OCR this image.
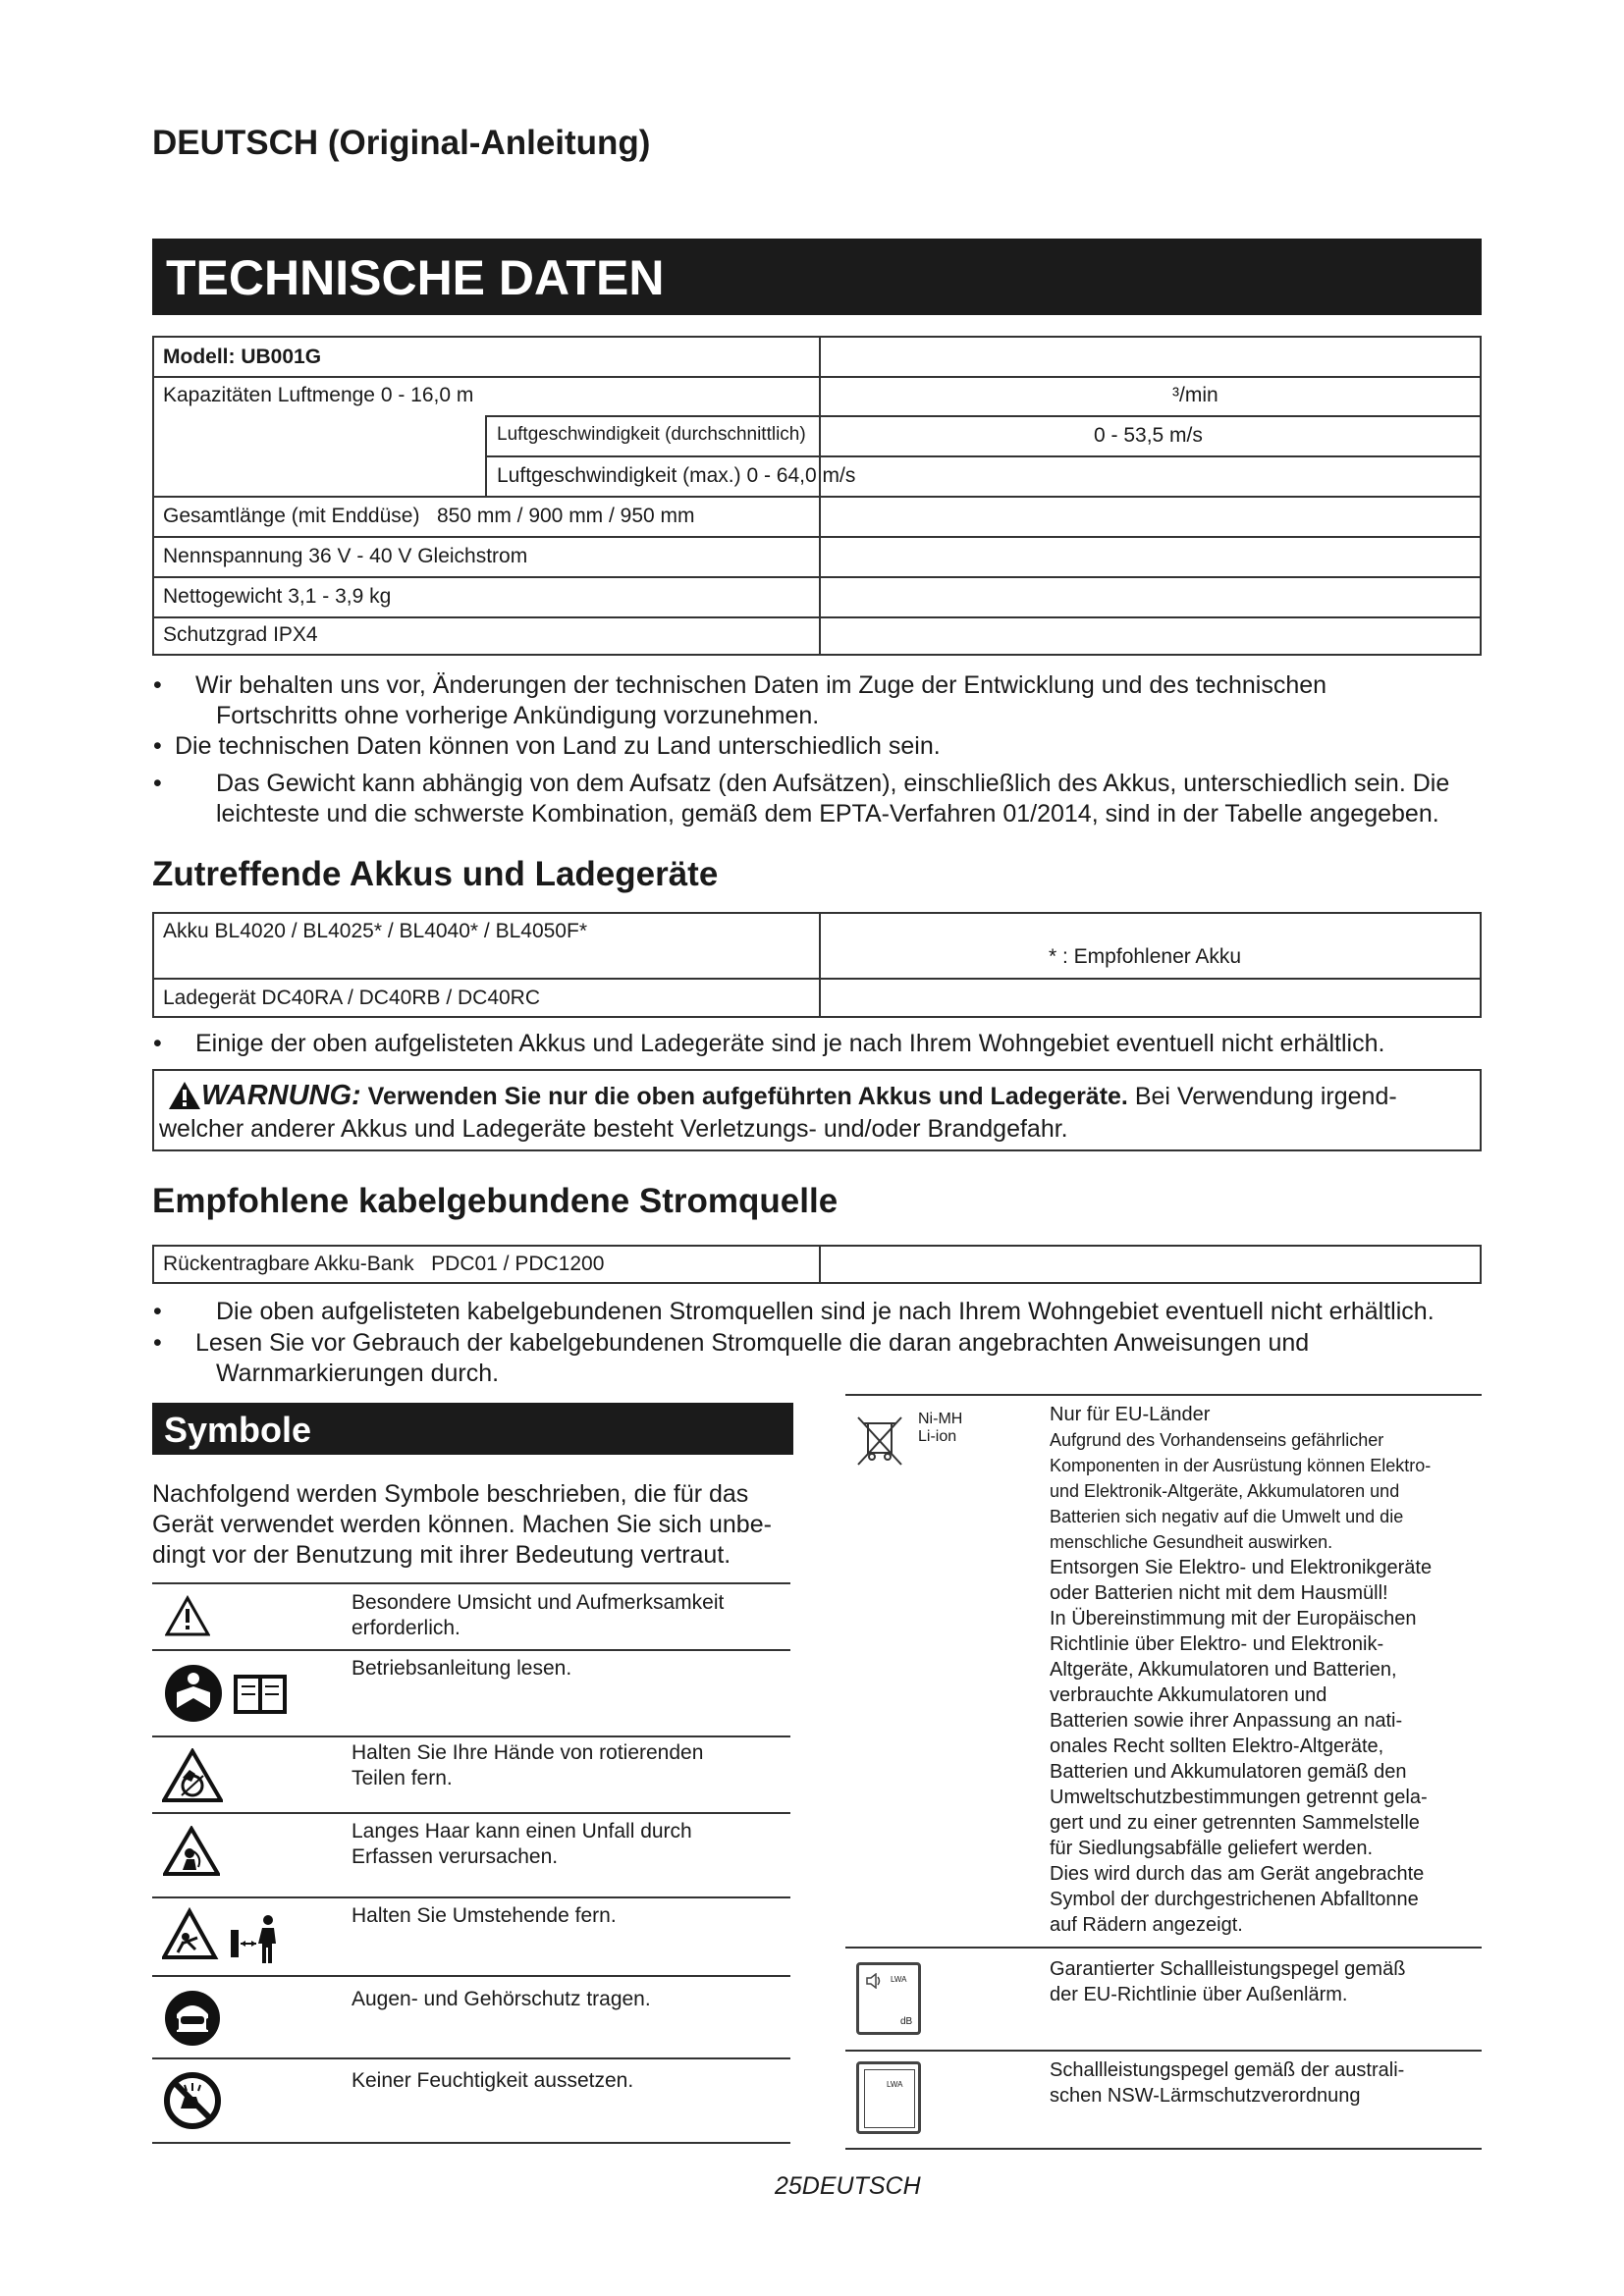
DEUTSCH (Original-Anleitung)
TECHNISCHE DATEN
Modell: UB001G
Kapazitäten Luftmenge 0 - 16,0 m	³/min
Luftgeschwindigkeit (durchschnittlich)	0 - 53,5 m/s
Luftgeschwindigkeit (max.) 0 - 64,0 m/s
Gesamtlänge (mit Enddüse)   850 mm / 900 mm / 950 mm
Nennspannung 36 V - 40 V Gleichstrom
Nettogewicht 3,1 - 3,9 kg
Schutzgrad IPX4
• Wir behalten uns vor, Änderungen der technischen Daten im Zuge der Entwicklung und des technischen
Fortschritts ohne vorherige Ankündigung vorzunehmen.
• Die technischen Daten können von Land zu Land unterschiedlich sein.
• Das Gewicht kann abhängig von dem Aufsatz (den Aufsätzen), einschließlich des Akkus, unterschiedlich sein. Die
leichteste und die schwerste Kombination, gemäß dem EPTA-Verfahren 01/2014, sind in der Tabelle angegeben.
Zutreffende Akkus und Ladegeräte
Akku BL4020 / BL4025* / BL4040* / BL4050F*
* : Empfohlener Akku
Ladegerät DC40RA / DC40RB / DC40RC
• Einige der oben aufgelisteten Akkus und Ladegeräte sind je nach Ihrem Wohngebiet eventuell nicht erhältlich.
WARNUNG: Verwenden Sie nur die oben aufgeführten Akkus und Ladegeräte. Bei Verwendung irgend-
welcher anderer Akkus und Ladegeräte besteht Verletzungs- und/oder Brandgefahr.
Empfohlene kabelgebundene Stromquelle
Rückentragbare Akku-Bank   PDC01 / PDC1200
• Die oben aufgelisteten kabelgebundenen Stromquellen sind je nach Ihrem Wohngebiet eventuell nicht erhältlich.
• Lesen Sie vor Gebrauch der kabelgebundenen Stromquelle die daran angebrachten Anweisungen und
Warnmarkierungen durch.
Symbole
Nachfolgend werden Symbole beschrieben, die für das
Gerät verwendet werden können. Machen Sie sich unbe-
dingt vor der Benutzung mit ihrer Bedeutung vertraut.
Besondere Umsicht und Aufmerksamkeit
erforderlich.
Betriebsanleitung lesen.
Halten Sie Ihre Hände von rotierenden
Teilen fern.
Langes Haar kann einen Unfall durch
Erfassen verursachen.
Halten Sie Umstehende fern.
Augen- und Gehörschutz tragen.
Keiner Feuchtigkeit aussetzen.
Ni-MH
Li-ion
Nur für EU-Länder
Aufgrund des Vorhandenseins gefährlicher
Komponenten in der Ausrüstung können Elektro-
und Elektronik-Altgeräte, Akkumulatoren und
Batterien sich negativ auf die Umwelt und die
menschliche Gesundheit auswirken.
Entsorgen Sie Elektro- und Elektronikgeräte
oder Batterien nicht mit dem Hausmüll!
In Übereinstimmung mit der Europäischen
Richtlinie über Elektro- und Elektronik-
Altgeräte, Akkumulatoren und Batterien,
verbrauchte Akkumulatoren und
Batterien sowie ihrer Anpassung an nati-
onales Recht sollten Elektro-Altgeräte,
Batterien und Akkumulatoren gemäß den
Umweltschutzbestimmungen getrennt gela-
gert und zu einer getrennten Sammelstelle
für Siedlungsabfälle geliefert werden.
Dies wird durch das am Gerät angebrachte
Symbol der durchgestrichenen Abfalltonne
auf Rädern angezeigt.
LWA
dB
Garantierter Schallleistungspegel gemäß
der EU-Richtlinie über Außenlärm.
LWA
Schallleistungspegel gemäß der australi-
schen NSW-Lärmschutzverordnung
25DEUTSCH
